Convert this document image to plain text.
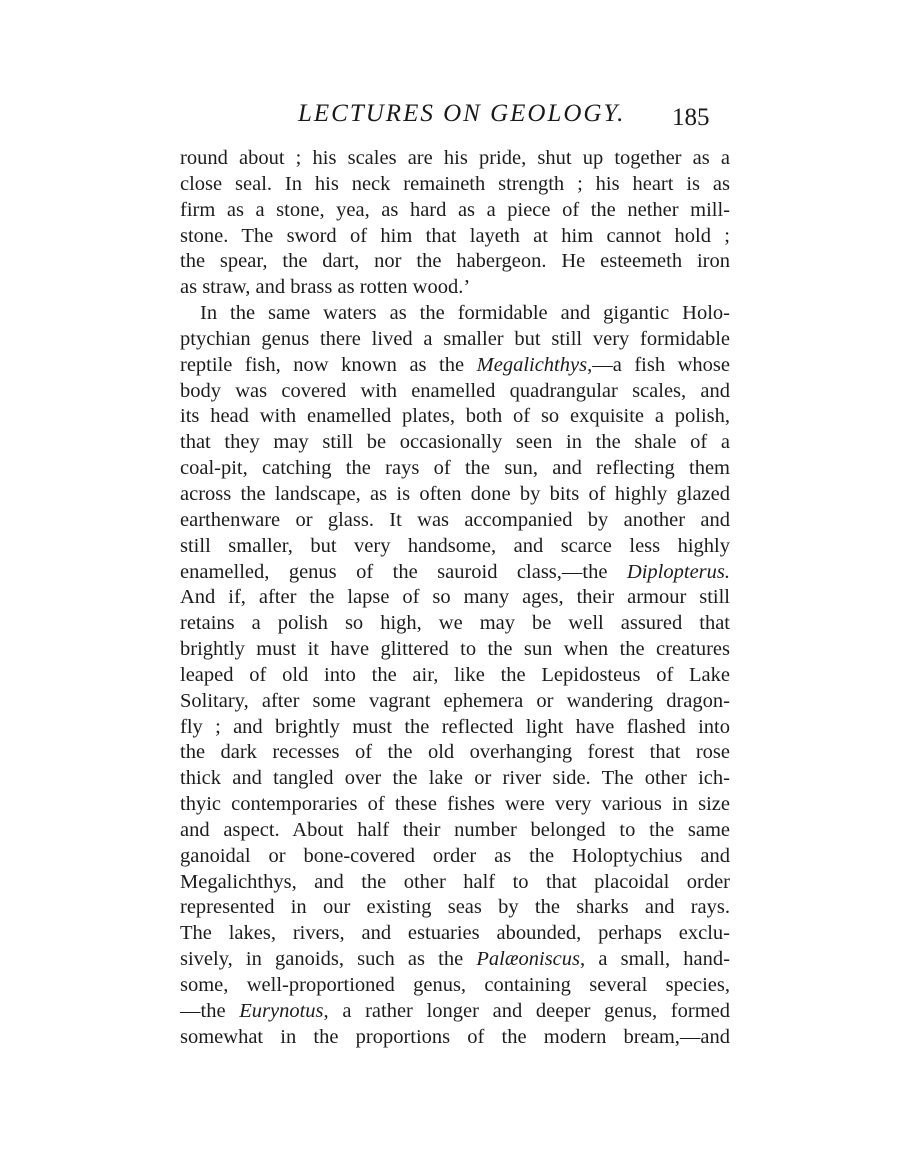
LECTURES ON GEOLOGY. 185
round about ; his scales are his pride, shut up together as a
close seal. In his neck remaineth strength ; his heart is as
firm as a stone, yea, as hard as a piece of the nether mill-
stone. The sword of him that layeth at him cannot hold ;
the spear, the dart, nor the habergeon. He esteemeth iron
as straw, and brass as rotten wood.’
In the same waters as the formidable and gigantic Holo-
ptychian genus there lived a smaller but still very formidable
reptile fish, now known as the Megalichthys,—a fish whose
body was covered with enamelled quadrangular scales, and
its head with enamelled plates, both of so exquisite a polish,
that they may still be occasionally seen in the shale of a
coal-pit, catching the rays of the sun, and reflecting them
across the landscape, as is often done by bits of highly glazed
earthenware or glass. It was accompanied by another and
still smaller, but very handsome, and scarce less highly
enamelled, genus of the sauroid class,—the Diplopterus.
And if, after the lapse of so many ages, their armour still
retains a polish so high, we may be well assured that
brightly must it have glittered to the sun when the creatures
leaped of old into the air, like the Lepidosteus of Lake
Solitary, after some vagrant ephemera or wandering dragon-
fly ; and brightly must the reflected light have flashed into
the dark recesses of the old overhanging forest that rose
thick and tangled over the lake or river side. The other ich-
thyic contemporaries of these fishes were very various in size
and aspect. About half their number belonged to the same
ganoidal or bone-covered order as the Holoptychius and
Megalichthys, and the other half to that placoidal order
represented in our existing seas by the sharks and rays.
The lakes, rivers, and estuaries abounded, perhaps exclu-
sively, in ganoids, such as the Palæoniscus, a small, hand-
some, well-proportioned genus, containing several species,
—the Eurynotus, a rather longer and deeper genus, formed
somewhat in the proportions of the modern bream,—and
